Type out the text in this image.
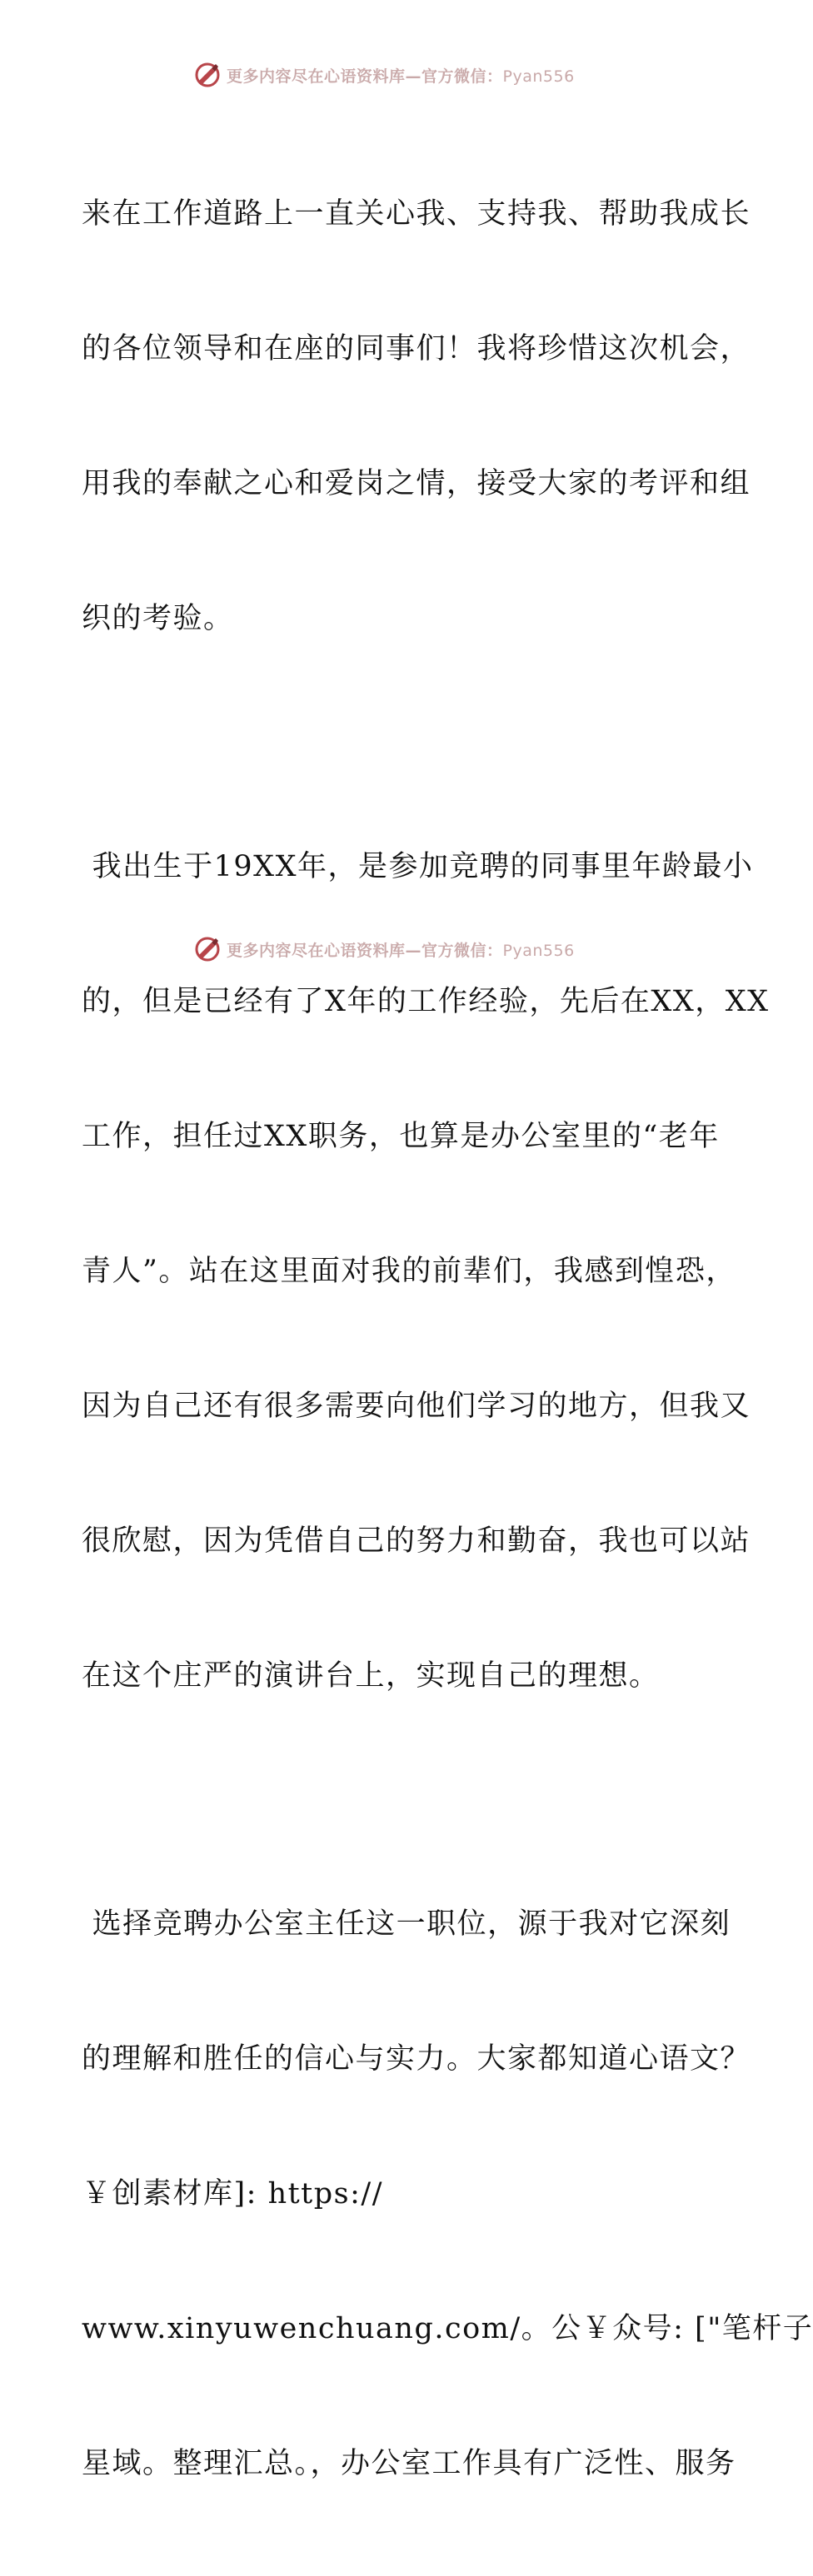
更多内容尽在心语资料库—官方微信：Pyan556

来在工作道路上一直关心我、支持我、帮助我成长

的各位领导和在座的同事们！我将珍惜这次机会，

用我的奉献之心和爱岗之情，接受大家的考评和组

织的考验。

我出生于19XX年，是参加竞聘的同事里年龄最小

的，但是已经有了X年的工作经验，先后在XX，XX

工作，担任过XX职务，也算是办公室里的“老年

青人”。站在这里面对我的前辈们，我感到惶恐，

因为自己还有很多需要向他们学习的地方，但我又

很欣慰，因为凭借自己的努力和勤奋，我也可以站

在这个庄严的演讲台上，实现自己的理想。

选择竞聘办公室主任这一职位，源于我对它深刻

的理解和胜任的信心与实力。大家都知道心语文？

￥创素材库]: https://

www.xinyuwenchuang.com/。公￥众号: ["笔杆子

星域。整理汇总。，办公室工作具有广泛性、服务

更多内容尽在心语资料库—官方微信：Pyan556
